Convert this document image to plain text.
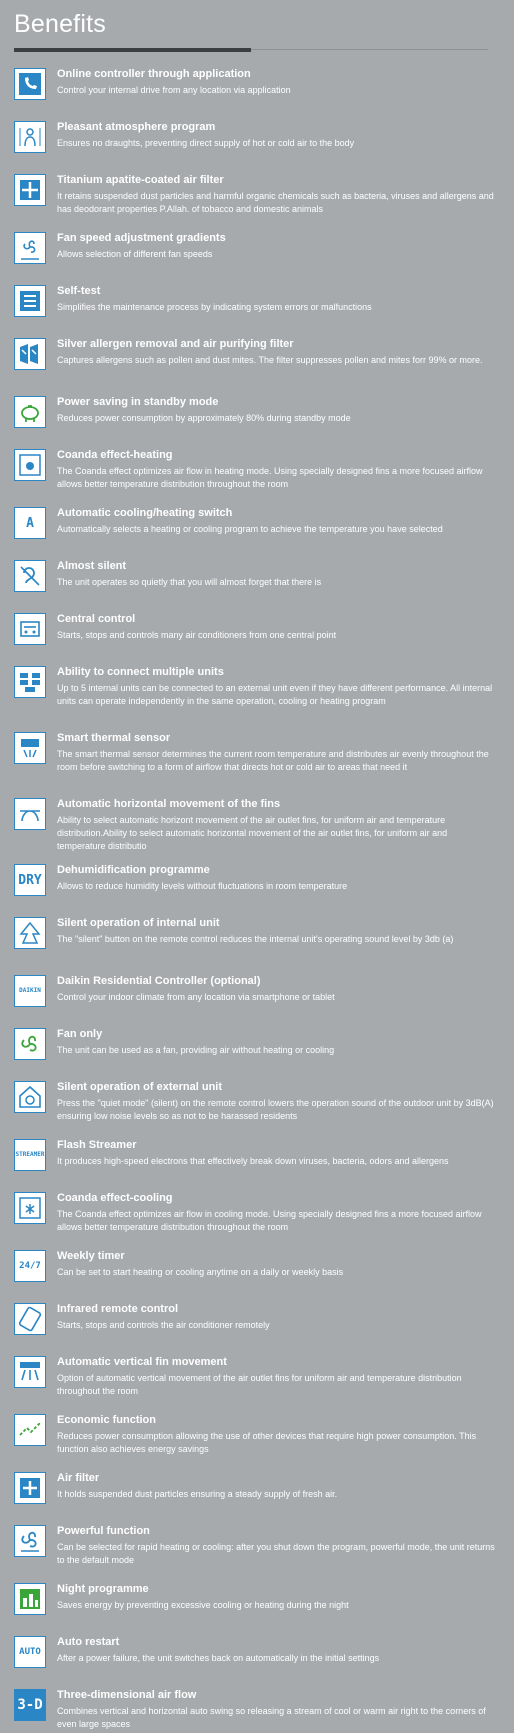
Benefits
Online controller through application
Control your internal drive from any location via application
Pleasant atmosphere program
Ensures no draughts, preventing direct supply of hot or cold air to the body
Titanium apatite-coated air filter
It retains suspended dust particles and harmful organic chemicals such as bacteria, viruses and allergens and has deodorant properties P.Allah. of tobacco and domestic animals
Fan speed adjustment gradients
Allows selection of different fan speeds
Self-test
Simplifies the maintenance process by indicating system errors or malfunctions
Silver allergen removal and air purifying filter
Captures allergens such as pollen and dust mites. The filter suppresses pollen and mites forr 99% or more.
Power saving in standby mode
Reduces power consumption by approximately 80% during standby mode
Coanda effect-heating
The Coanda effect optimizes air flow in heating mode. Using specially designed fins a more focused airflow allows better temperature distribution throughout the room
A
Automatic cooling/heating switch
Automatically selects a heating or cooling program to achieve the temperature you have selected
Almost silent
The unit operates so quietly that you will almost forget that there is
Central control
Starts, stops and controls many air conditioners from one central point
Ability to connect multiple units
Up to 5 internal units can be connected to an external unit even if they have different performance. All internal units can operate independently in the same operation, cooling or heating program
Smart thermal sensor
The smart thermal sensor determines the current room temperature and distributes air evenly throughout the room before switching to a form of airflow that directs hot or cold air to areas that need it
Automatic horizontal movement of the fins
Ability to select automatic horizont movement of the air outlet fins, for uniform air and temperature distribution.Ability to select automatic horizontal movement of the air outlet fins, for uniform air and temperature distributio
DRY
Dehumidification programme
Allows to reduce humidity levels without fluctuations in room temperature
Silent operation of internal unit
The "silent" button on the remote control reduces the internal unit's operating sound level by 3db (a)
DAIKIN
Daikin Residential Controller (optional)
Control your indoor climate from any location via smartphone or tablet
Fan only
The unit can be used as a fan, providing air without heating or cooling
Silent operation of external unit
Press the "quiet mode" (silent) on the remote control lowers the operation sound of the outdoor unit by 3dB(A) ensuring low noise levels so as not to be harassed residents
STREAMER
Flash Streamer
It produces high-speed electrons that effectively break down viruses, bacteria, odors and allergens
Coanda effect-cooling
The Coanda effect optimizes air flow in cooling mode. Using specially designed fins a more focused airflow allows better temperature distribution throughout the room
24/7
Weekly timer
Can be set to start heating or cooling anytime on a daily or weekly basis
Infrared remote control
Starts, stops and controls the air conditioner remotely
Automatic vertical fin movement
Option of automatic vertical movement of the air outlet fins for uniform air and temperature distribution throughout the room
Economic function
Reduces power consumption allowing the use of other devices that require high power consumption. This function also achieves energy savings
Air filter
It holds suspended dust particles ensuring a steady supply of fresh air.
Powerful function
Can be selected for rapid heating or cooling: after you shut down the program, powerful mode, the unit returns to the default mode
Night programme
Saves energy by preventing excessive cooling or heating during the night
AUTO
Auto restart
After a power failure, the unit switches back on automatically in the initial settings
3-D
Three-dimensional air flow
Combines vertical and horizontal auto swing so releasing a stream of cool or warm air right to the corners of even large spaces
